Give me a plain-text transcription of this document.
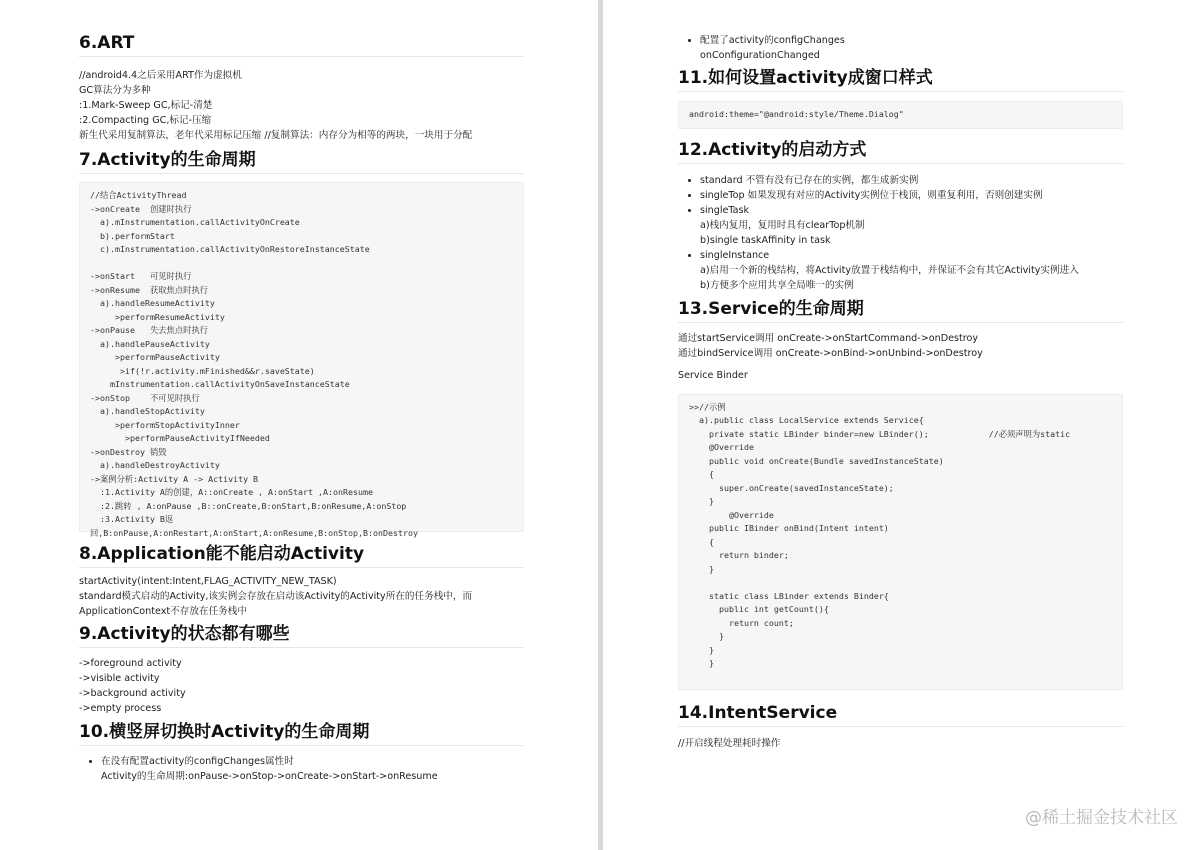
6.ART
//android4.4之后采用ART作为虚拟机
GC算法分为多种
:1.Mark-Sweep GC,标记-清楚
:2.Compacting GC,标记-压缩
新生代采用复制算法，老年代采用标记压缩 //复制算法：内存分为相等的两块，一块用于分配
7.Activity的生命周期
//结合ActivityThread
->onCreate  创建时执行
a).mInstrumentation.callActivityOnCreate
b).performStart
c).mInstrumentation.callActivityOnRestoreInstanceState

->onStart   可见时执行
->onResume  获取焦点时执行
a).handleResumeActivity
>performResumeActivity
->onPause   失去焦点时执行
a).handlePauseActivity
>performPauseActivity
>if(!r.activity.mFinished&&r.saveState)
mInstrumentation.callActivityOnSaveInstanceState
->onStop    不可见时执行
a).handleStopActivity
>performStopActivityInner
>performPauseActivityIfNeeded
->onDestroy 销毁
a).handleDestroyActivity
->案例分析:Activity A -> Activity B
:1.Activity A的创建，A::onCreate , A:onStart ,A:onResume
:2.跳转 , A:onPause ,B::onCreate,B:onStart,B:onResume,A:onStop
:3.Activity B返
回,B:onPause,A:onRestart,A:onStart,A:onResume,B:onStop,B:onDestroy
8.Application能不能启动Activity
startActivity(intent:Intent,FLAG_ACTIVITY_NEW_TASK)
standard模式启动的Activity,该实例会存放在启动该Activity的Activity所在的任务栈中，而
ApplicationContext不存放在任务栈中
9.Activity的状态都有哪些
->foreground activity
->visible activity
->background activity
->empty process
10.横竖屏切换时Activity的生命周期
• 在没有配置activity的configChanges属性时
Activity的生命周期:onPause->onStop->onCreate->onStart->onResume
• 配置了activity的configChanges
onConfigurationChanged
11.如何设置activity成窗口样式
android:theme="@android:style/Theme.Dialog"
12.Activity的启动方式
• standard 不管有没有已存在的实例，都生成新实例
• singleTop 如果发现有对应的Activity实例位于栈顶，则重复利用，否则创建实例
• singleTask
a)栈内复用，复用时具有clearTop机制
b)single taskAffinity in task
• singleInstance
a)启用一个新的栈结构，将Activity放置于栈结构中，并保证不会有其它Activity实例进入
b)方便多个应用共享全局唯一的实例
13.Service的生命周期
通过startService调用 onCreate->onStartCommand->onDestroy
通过bindService调用 onCreate->onBind->onUnbind->onDestroy
Service Binder
>>//示例
a).public class LocalService extends Service{
private static LBinder binder=new LBinder();            //必须声明为static
@Override
public void onCreate(Bundle savedInstanceState)
{
super.onCreate(savedInstanceState);
}
@Override
public IBinder onBind(Intent intent)
{
return binder;
}

static class LBinder extends Binder{
public int getCount(){
return count;
}
}
}
14.IntentService
//开启线程处理耗时操作
@稀土掘金技术社区
